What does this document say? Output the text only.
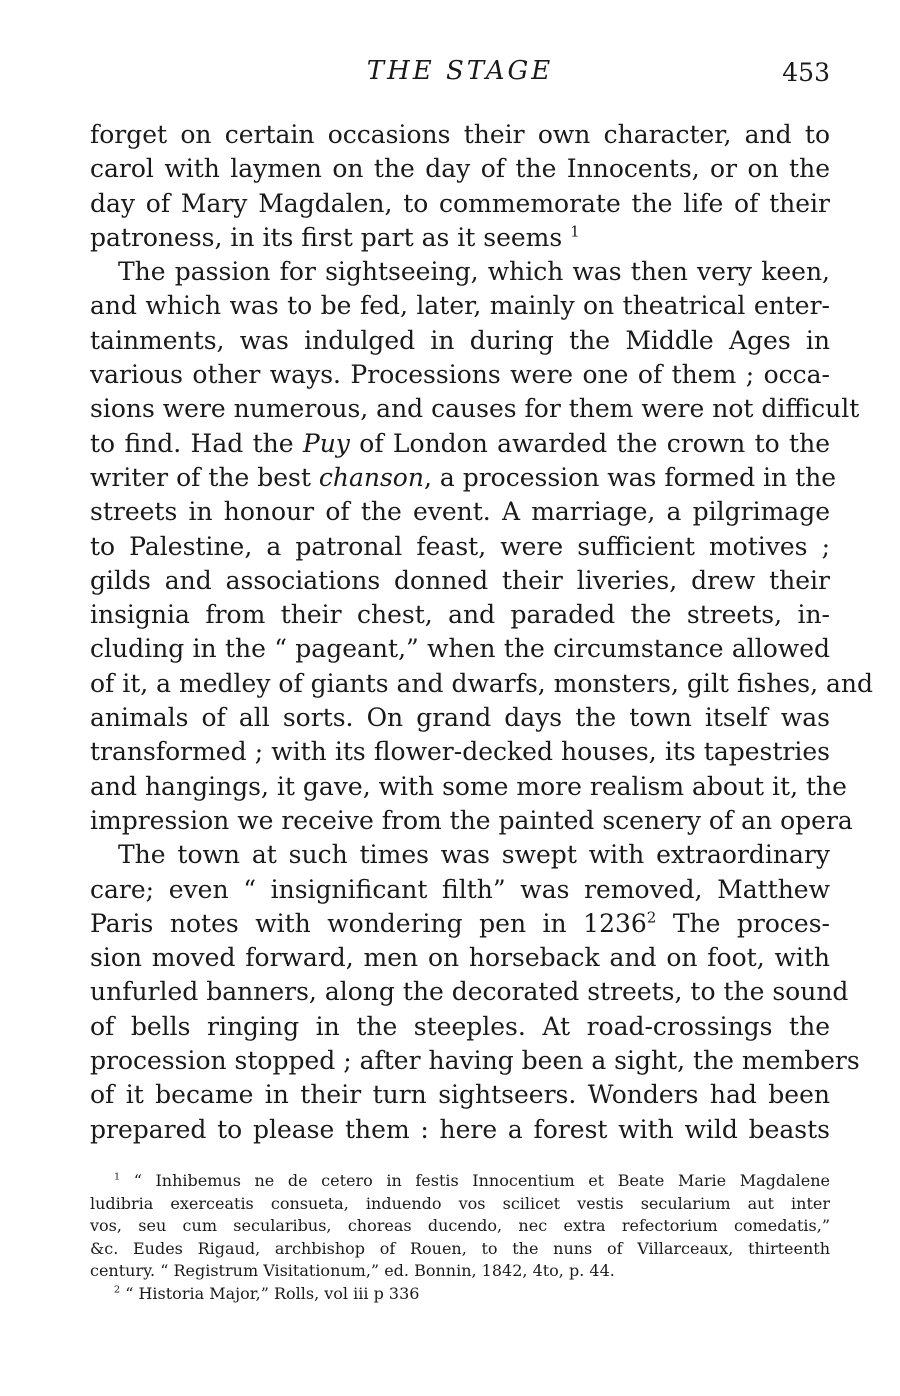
THE STAGE	453
forget on certain occasions their own character, and to
carol with laymen on the day of the Innocents, or on the
day of Mary Magdalen, to commemorate the life of their
patroness, in its first part as it seems $^1$
The passion for sightseeing, which was then very keen,
and which was to be fed, later, mainly on theatrical enter-
tainments, was indulged in during the Middle Ages in
various other ways. Processions were one of them ; occa-
sions were numerous, and causes for them were not difficult
to find. Had the Puy of London awarded the crown to the
writer of the best chanson, a procession was formed in the
streets in honour of the event. A marriage, a pilgrimage
to Palestine, a patronal feast, were sufficient motives ;
gilds and associations donned their liveries, drew their
insignia from their chest, and paraded the streets, in-
cluding in the “ pageant,” when the circumstance allowed
of it, a medley of giants and dwarfs, monsters, gilt fishes, and
animals of all sorts. On grand days the town itself was
transformed ; with its flower-decked houses, its tapestries
and hangings, it gave, with some more realism about it, the
impression we receive from the painted scenery of an opera
The town at such times was swept with extraordinary
care; even “ insignificant filth” was removed, Matthew
Paris notes with wondering pen in 1236$^2$ The proces-
sion moved forward, men on horseback and on foot, with
unfurled banners, along the decorated streets, to the sound
of bells ringing in the steeples. At road-crossings the
procession stopped ; after having been a sight, the members
of it became in their turn sightseers. Wonders had been
prepared to please them : here a forest with wild beasts
$^1$ “ Inhibemus ne de cetero in festis Innocentium et Beate Marie Magdalene
ludibria exerceatis consueta, induendo vos scilicet vestis secularium aut inter
vos, seu cum secularibus, choreas ducendo, nec extra refectorium comedatis,”
&c. Eudes Rigaud, archbishop of Rouen, to the nuns of Villarceaux, thirteenth
century. “ Registrum Visitationum,” ed. Bonnin, 1842, 4to, p. 44.
$^2$ “ Historia Major,” Rolls, vol iii p 336
